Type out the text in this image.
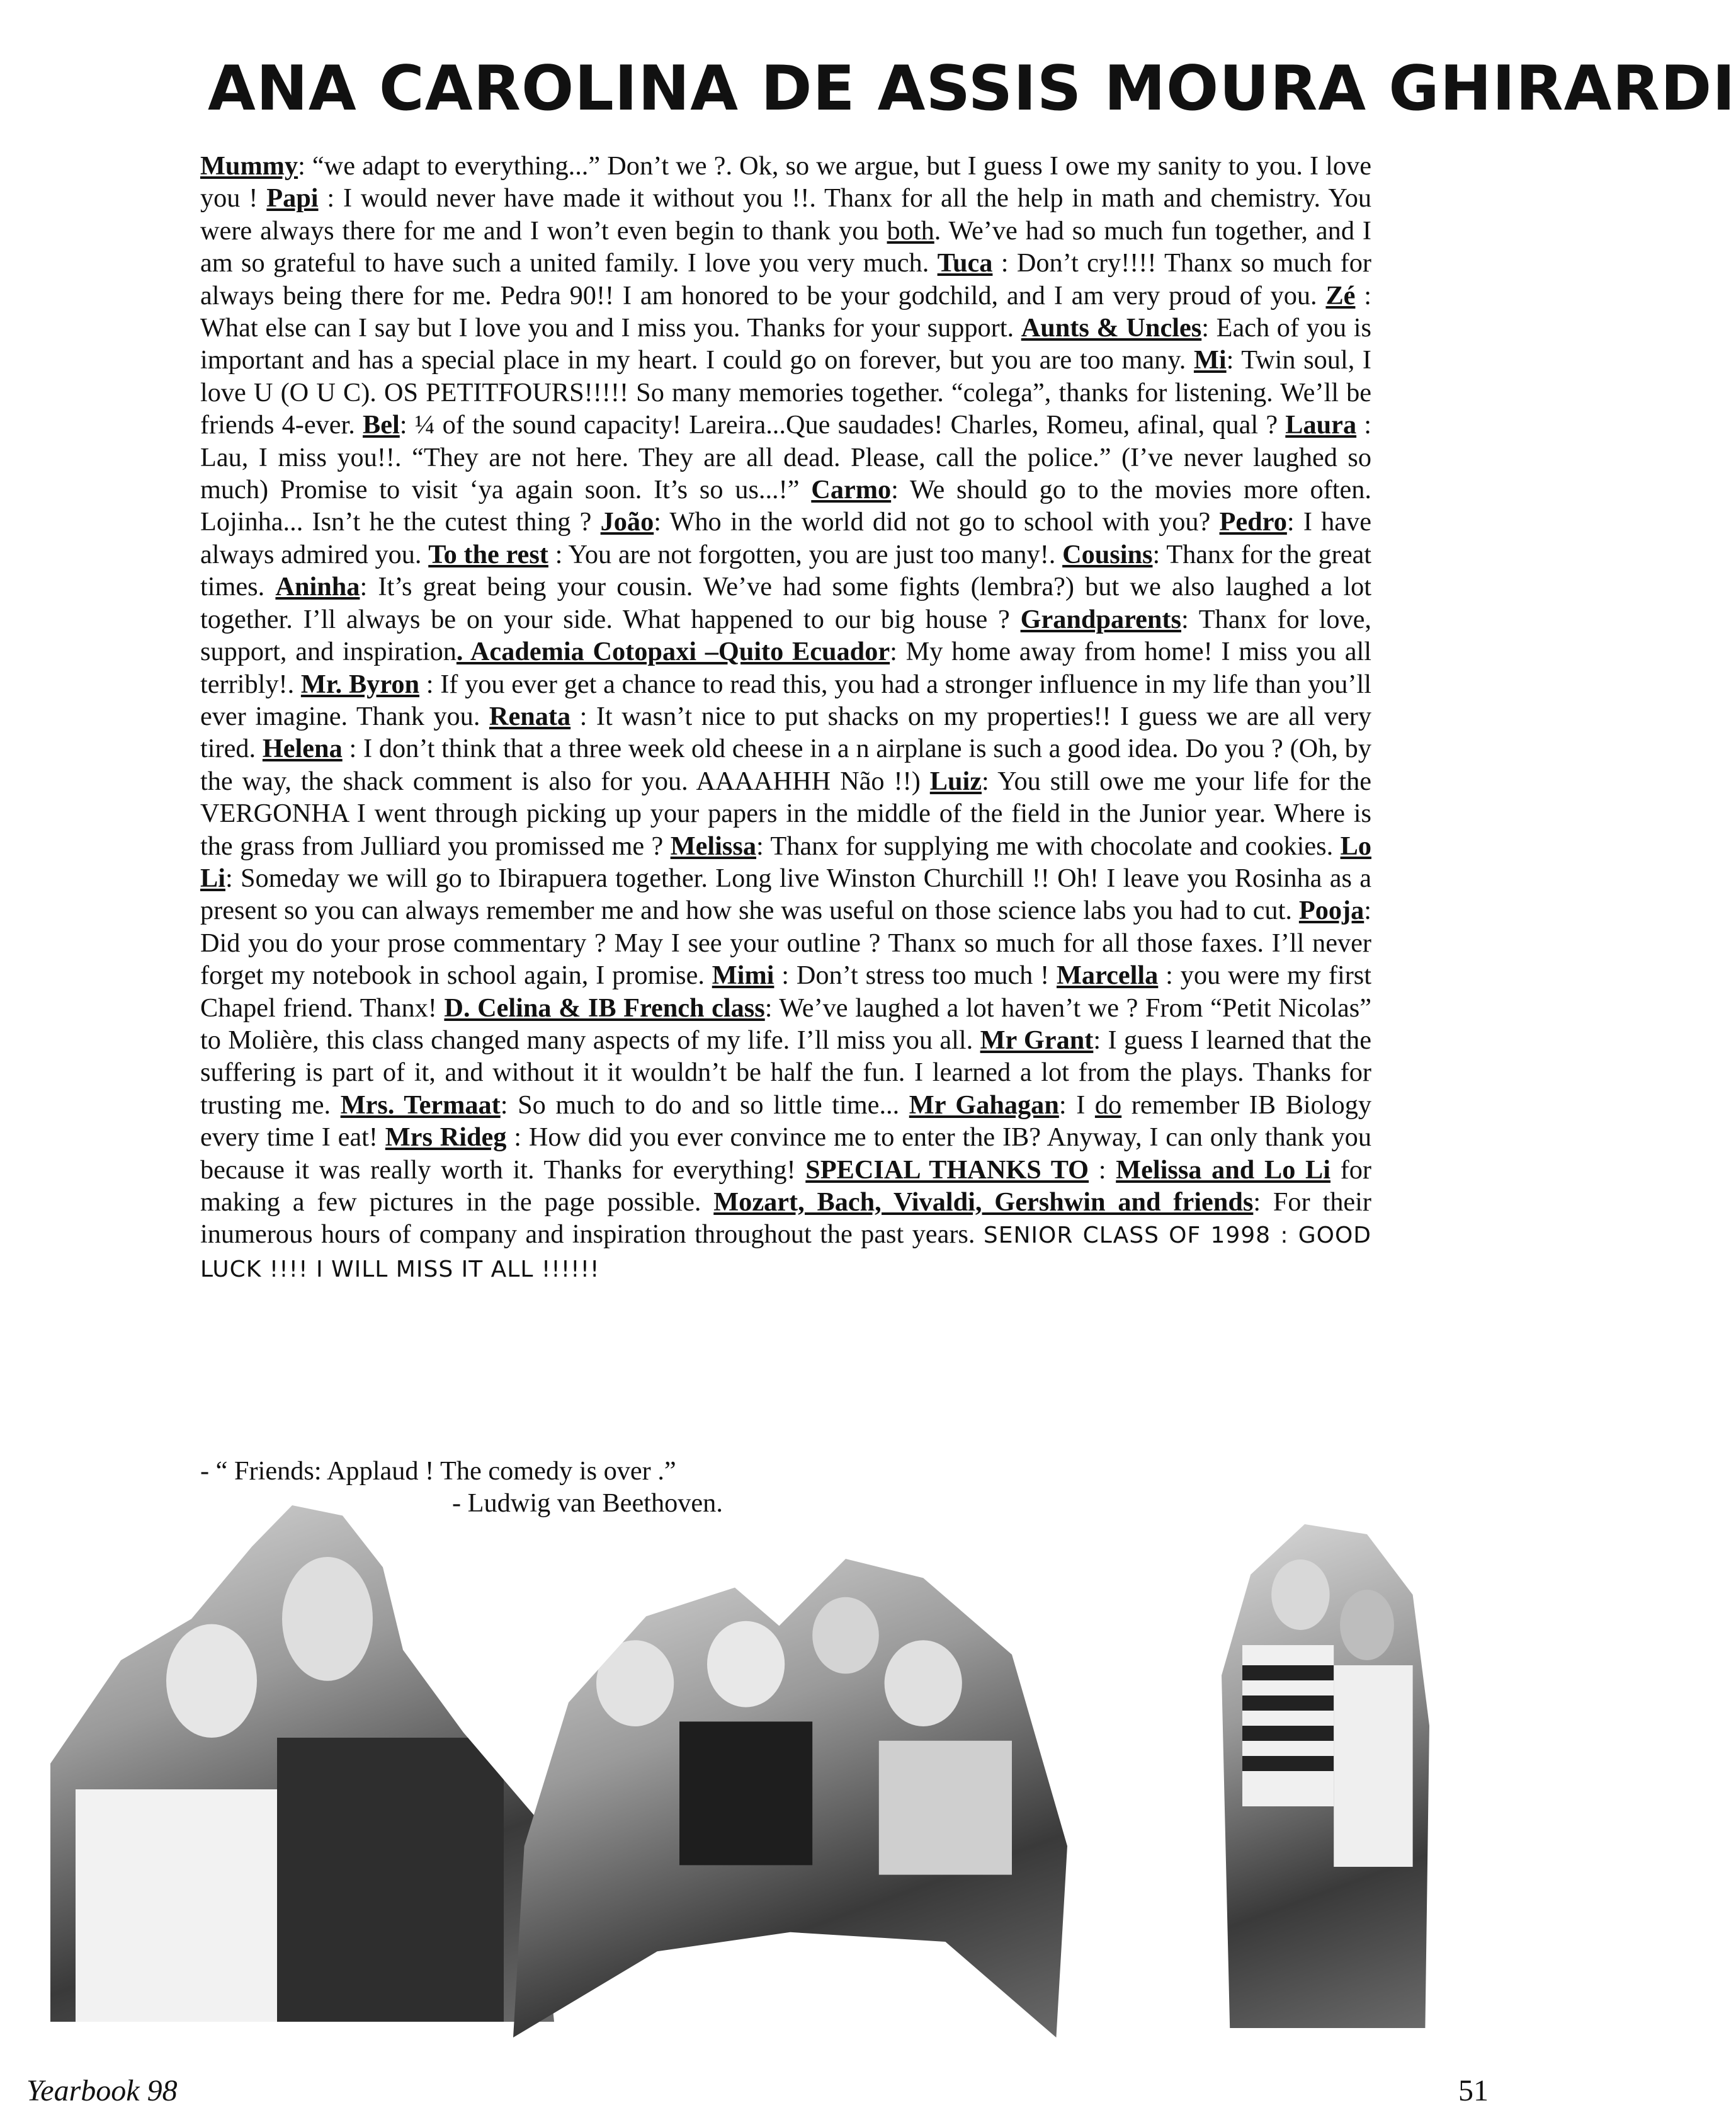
ANA CAROLINA DE ASSIS MOURA GHIRARDI
Mummy: “we adapt to everything...” Don’t we ?. Ok, so we argue, but I guess I owe my sanity to you. I love you ! Papi : I would never have made it without you !!. Thanx for all the help in math and chemistry. You were always there for me and I won’t even begin to thank you both. We’ve had so much fun together, and I am so grateful to have such a united family. I love you very much. Tuca : Don’t cry!!!! Thanx so much for always being there for me. Pedra 90!! I am honored to be your godchild, and I am very proud of you. Zé : What else can I say but I love you and I miss you. Thanks for your support. Aunts & Uncles: Each of you is important and has a special place in my heart. I could go on forever, but you are too many. Mi: Twin soul, I love U (O U C). OS PETITFOURS!!!!! So many memories together. “colega”, thanks for listening. We’ll be friends 4-ever. Bel: ¼ of the sound capacity! Lareira...Que saudades! Charles, Romeu, afinal, qual ? Laura : Lau, I miss you!!. “They are not here. They are all dead. Please, call the police.” (I’ve never laughed so much) Promise to visit ‘ya again soon. It’s so us...!” Carmo: We should go to the movies more often. Lojinha... Isn’t he the cutest thing ? João: Who in the world did not go to school with you? Pedro: I have always admired you. To the rest : You are not forgotten, you are just too many!. Cousins: Thanx for the great times. Aninha: It’s great being your cousin. We’ve had some fights (lembra?) but we also laughed a lot together. I’ll always be on your side. What happened to our big house ? Grandparents: Thanx for love, support, and inspiration. Academia Cotopaxi –Quito Ecuador: My home away from home! I miss you all terribly!. Mr. Byron : If you ever get a chance to read this, you had a stronger influence in my life than you’ll ever imagine. Thank you. Renata : It wasn’t nice to put shacks on my properties!! I guess we are all very tired. Helena : I don’t think that a three week old cheese in a n airplane is such a good idea. Do you ? (Oh, by the way, the shack comment is also for you. AAAAHHH Não !!) Luiz: You still owe me your life for the VERGONHA I went through picking up your papers in the middle of the field in the Junior year. Where is the grass from Julliard you promissed me ? Melissa: Thanx for supplying me with chocolate and cookies. Lo Li: Someday we will go to Ibirapuera together. Long live Winston Churchill !! Oh! I leave you Rosinha as a present so you can always remember me and how she was useful on those science labs you had to cut. Pooja: Did you do your prose commentary ? May I see your outline ? Thanx so much for all those faxes. I’ll never forget my notebook in school again, I promise. Mimi : Don’t stress too much ! Marcella : you were my first Chapel friend. Thanx! D. Celina & IB French class: We’ve laughed a lot haven’t we ? From “Petit Nicolas” to Molière, this class changed many aspects of my life. I’ll miss you all. Mr Grant: I guess I learned that the suffering is part of it, and without it it wouldn’t be half the fun. I learned a lot from the plays. Thanks for trusting me. Mrs. Termaat: So much to do and so little time... Mr Gahagan: I do remember IB Biology every time I eat! Mrs Rideg : How did you ever convince me to enter the IB? Anyway, I can only thank you because it was really worth it. Thanks for everything! SPECIAL THANKS TO : Melissa and Lo Li for making a few pictures in the page possible. Mozart, Bach, Vivaldi, Gershwin and friends: For their inumerous hours of company and inspiration throughout the past years. SENIOR CLASS OF 1998 : GOOD LUCK !!!! I WILL MISS IT ALL !!!!!!
- “ Friends: Applaud ! The comedy is over .”
- Ludwig van Beethoven.
Yearbook 98	51
